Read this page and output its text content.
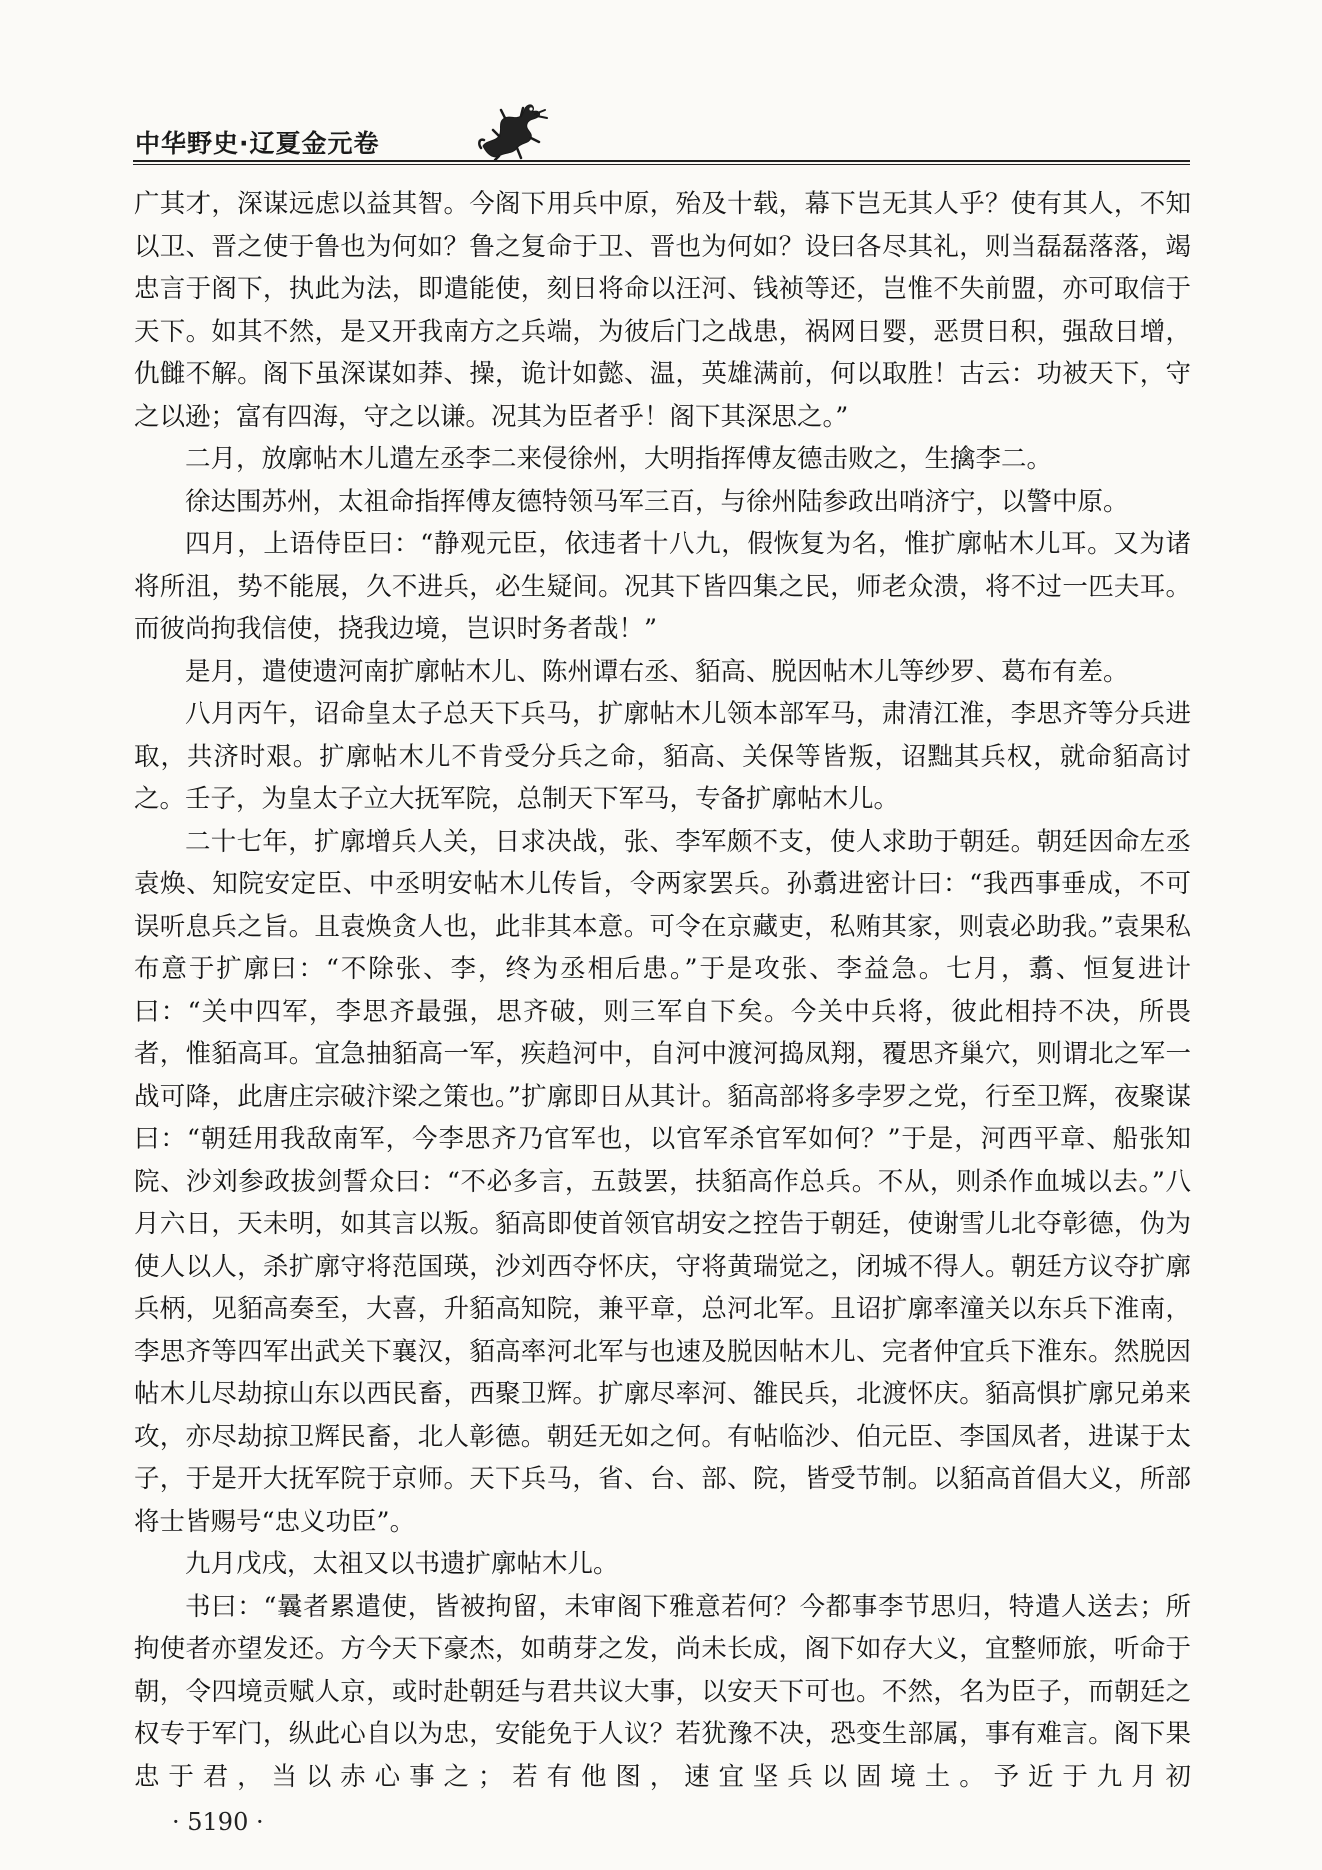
中华野史·辽夏金元卷

广其才，深谋远虑以益其智。今阁下用兵中原，殆及十载，幕下岂无其人乎？使有其人，不知以卫、晋之使于鲁也为何如？鲁之复命于卫、晋也为何如？设曰各尽其礼，则当磊磊落落，竭忠言于阁下，执此为法，即遣能使，刻日将命以汪河、钱祯等还，岂惟不失前盟，亦可取信于天下。如其不然，是又开我南方之兵端，为彼后门之战患，祸网日婴，恶贯日积，强敌日增，仇雠不解。阁下虽深谋如莽、操，诡计如懿、温，英雄满前，何以取胜！古云：功被天下，守之以逊；富有四海，守之以谦。况其为臣者乎！阁下其深思之。”

二月，放廓帖木儿遣左丞李二来侵徐州，大明指挥傅友德击败之，生擒李二。

徐达围苏州，太祖命指挥傅友德特领马军三百，与徐州陆参政出哨济宁，以警中原。

四月，上语侍臣曰：“静观元臣，依违者十八九，假恢复为名，惟扩廓帖木儿耳。又为诸将所沮，势不能展，久不进兵，必生疑间。况其下皆四集之民，师老众溃，将不过一匹夫耳。而彼尚拘我信使，挠我边境，岂识时务者哉！”

是月，遣使遗河南扩廓帖木儿、陈州谭右丞、貊高、脱因帖木儿等纱罗、葛布有差。

八月丙午，诏命皇太子总天下兵马，扩廓帖木儿领本部军马，肃清江淮，李思齐等分兵进取，共济时艰。扩廓帖木儿不肯受分兵之命，貊高、关保等皆叛，诏黜其兵权，就命貊高讨之。壬子，为皇太子立大抚军院，总制天下军马，专备扩廓帖木儿。

二十七年，扩廓增兵人关，日求决战，张、李军颇不支，使人求助于朝廷。朝廷因命左丞袁焕、知院安定臣、中丞明安帖木儿传旨，令两家罢兵。孙翥进密计曰：“我西事垂成，不可误听息兵之旨。且袁焕贪人也，此非其本意。可令在京藏吏，私贿其家，则袁必助我。”袁果私布意于扩廓曰：“不除张、李，终为丞相后患。”于是攻张、李益急。七月，翥、恒复进计曰：“关中四军，李思齐最强，思齐破，则三军自下矣。今关中兵将，彼此相持不决，所畏者，惟貊高耳。宜急抽貊高一军，疾趋河中，自河中渡河捣凤翔，覆思齐巢穴，则谓北之军一战可降，此唐庄宗破汴梁之策也。”扩廓即日从其计。貊高部将多孛罗之党，行至卫辉，夜聚谋曰：“朝廷用我敌南军，今李思齐乃官军也，以官军杀官军如何？”于是，河西平章、船张知院、沙刘参政拔剑誓众曰：“不必多言，五鼓罢，扶貊高作总兵。不从，则杀作血城以去。”八月六日，天未明，如其言以叛。貊高即使首领官胡安之控告于朝廷，使谢雪儿北夺彰德，伪为使人以人，杀扩廓守将范国瑛，沙刘西夺怀庆，守将黄瑞觉之，闭城不得人。朝廷方议夺扩廓兵柄，见貊高奏至，大喜，升貊高知院，兼平章，总河北军。且诏扩廓率潼关以东兵下淮南，李思齐等四军出武关下襄汉，貊高率河北军与也速及脱因帖木儿、完者仲宜兵下淮东。然脱因帖木儿尽劫掠山东以西民畜，西聚卫辉。扩廓尽率河、雒民兵，北渡怀庆。貊高惧扩廓兄弟来攻，亦尽劫掠卫辉民畜，北人彰德。朝廷无如之何。有帖临沙、伯元臣、李国凤者，进谋于太子，于是开大抚军院于京师。天下兵马，省、台、部、院，皆受节制。以貊高首倡大义，所部将士皆赐号“忠义功臣”。

九月戊戌，太祖又以书遗扩廓帖木儿。

书曰：“曩者累遣使，皆被拘留，未审阁下雅意若何？今都事李节思归，特遣人送去；所拘使者亦望发还。方今天下豪杰，如萌芽之发，尚未长成，阁下如存大义，宜整师旅，听命于朝，令四境贡赋人京，或时赴朝廷与君共议大事，以安天下可也。不然，名为臣子，而朝廷之权专于军门，纵此心自以为忠，安能免于人议？若犹豫不决，恐变生部属，事有难言。阁下果忠于君，当以赤心事之；若有他图，速宜坚兵以固境土。予近于九月初

· 5190 ·
